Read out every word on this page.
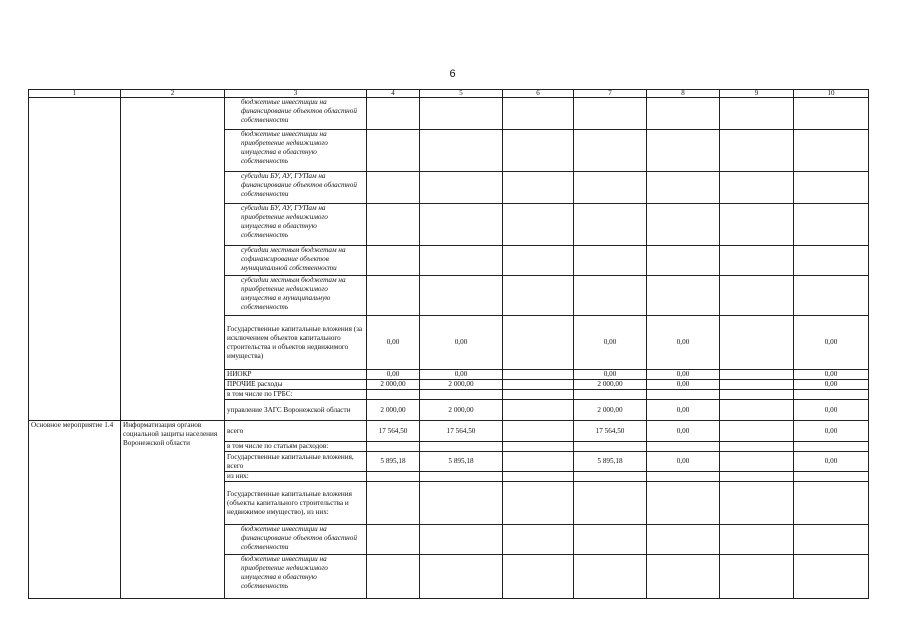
6
1	2	3	4	5	6	7	8	9	10
		бюджетные инвестиции на финансирование объектов областной собственности							
		бюджетные инвестиции на приобретение недвижимого имущества в областную собственность							
		субсидии БУ, АУ, ГУПам на финансирование объектов областной собственности							
		субсидии БУ, АУ, ГУПам на приобретение недвижимого имущества в областную собственность							
		субсидии местным бюджетам на софинансирование объектов муниципальной собственности							
		субсидии местным бюджетам на приобретение недвижимого имущества в муниципальную собственность							
		Государственные капитальные вложения (за исключением объектов капитального строительства и объектов недвижимого имущества)	0,00	0,00		0,00	0,00		0,00
		НИОКР	0,00	0,00		0,00	0,00		0,00
		ПРОЧИЕ расходы	2 000,00	2 000,00		2 000,00	0,00		0,00
		в том числе по ГРБС:							
		управление ЗАГС Воронежской области	2 000,00	2 000,00		2 000,00	0,00		0,00
Основное мероприятие 1.4	Информатизация органов социальной защиты населения Воронежской области	всего	17 564,50	17 564,50		17 564,50	0,00		0,00
		в том числе по статьям расходов:							
		Государственные капитальные вложения, всего	5 895,18	5 895,18		5 895,18	0,00		0,00
		из них:							
		Государственные капитальные вложения (объекты капитального строительства и недвижимое имущество), из них:							
		бюджетные инвестиции на финансирование объектов областной собственности							
		бюджетные инвестиции на приобретение недвижимого имущества в областную собственность							
